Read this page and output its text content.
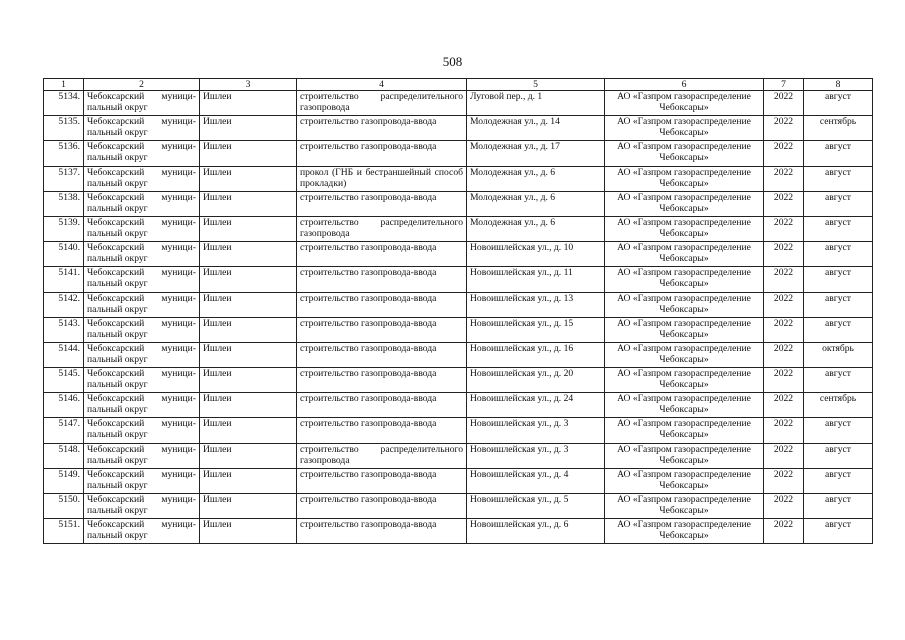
508
1	2	3	4	5	6	7	8
5134.	Чебоксарский муници-пальный округ	Ишлеи	строительство распределительного газопровода	Луговой пер., д. 1	АО «Газпром газораспределение Чебоксары»	2022	август
5135.	Чебоксарский муници-пальный округ	Ишлеи	строительство газопровода-ввода	Молодежная ул., д. 14	АО «Газпром газораспределение Чебоксары»	2022	сентябрь
5136.	Чебоксарский муници-пальный округ	Ишлеи	строительство газопровода-ввода	Молодежная ул., д. 17	АО «Газпром газораспределение Чебоксары»	2022	август
5137.	Чебоксарский муници-пальный округ	Ишлеи	прокол (ГНБ и бестраншейный способ прокладки)	Молодежная ул., д. 6	АО «Газпром газораспределение Чебоксары»	2022	август
5138.	Чебоксарский муници-пальный округ	Ишлеи	строительство газопровода-ввода	Молодежная ул., д. 6	АО «Газпром газораспределение Чебоксары»	2022	август
5139.	Чебоксарский муници-пальный округ	Ишлеи	строительство распределительного газопровода	Молодежная ул., д. 6	АО «Газпром газораспределение Чебоксары»	2022	август
5140.	Чебоксарский муници-пальный округ	Ишлеи	строительство газопровода-ввода	Новоишлейская ул., д. 10	АО «Газпром газораспределение Чебоксары»	2022	август
5141.	Чебоксарский муници-пальный округ	Ишлеи	строительство газопровода-ввода	Новоишлейская ул., д. 11	АО «Газпром газораспределение Чебоксары»	2022	август
5142.	Чебоксарский муници-пальный округ	Ишлеи	строительство газопровода-ввода	Новоишлейская ул., д. 13	АО «Газпром газораспределение Чебоксары»	2022	август
5143.	Чебоксарский муници-пальный округ	Ишлеи	строительство газопровода-ввода	Новоишлейская ул., д. 15	АО «Газпром газораспределение Чебоксары»	2022	август
5144.	Чебоксарский муници-пальный округ	Ишлеи	строительство газопровода-ввода	Новоишлейская ул., д. 16	АО «Газпром газораспределение Чебоксары»	2022	октябрь
5145.	Чебоксарский муници-пальный округ	Ишлеи	строительство газопровода-ввода	Новоишлейская ул., д. 20	АО «Газпром газораспределение Чебоксары»	2022	август
5146.	Чебоксарский муници-пальный округ	Ишлеи	строительство газопровода-ввода	Новоишлейская ул., д. 24	АО «Газпром газораспределение Чебоксары»	2022	сентябрь
5147.	Чебоксарский муници-пальный округ	Ишлеи	строительство газопровода-ввода	Новоишлейская ул., д. 3	АО «Газпром газораспределение Чебоксары»	2022	август
5148.	Чебоксарский муници-пальный округ	Ишлеи	строительство распределительного газопровода	Новоишлейская ул., д. 3	АО «Газпром газораспределение Чебоксары»	2022	август
5149.	Чебоксарский муници-пальный округ	Ишлеи	строительство газопровода-ввода	Новоишлейская ул., д. 4	АО «Газпром газораспределение Чебоксары»	2022	август
5150.	Чебоксарский муници-пальный округ	Ишлеи	строительство газопровода-ввода	Новоишлейская ул., д. 5	АО «Газпром газораспределение Чебоксары»	2022	август
5151.	Чебоксарский муници-пальный округ	Ишлеи	строительство газопровода-ввода	Новоишлейская ул., д. 6	АО «Газпром газораспределение Чебоксары»	2022	август
